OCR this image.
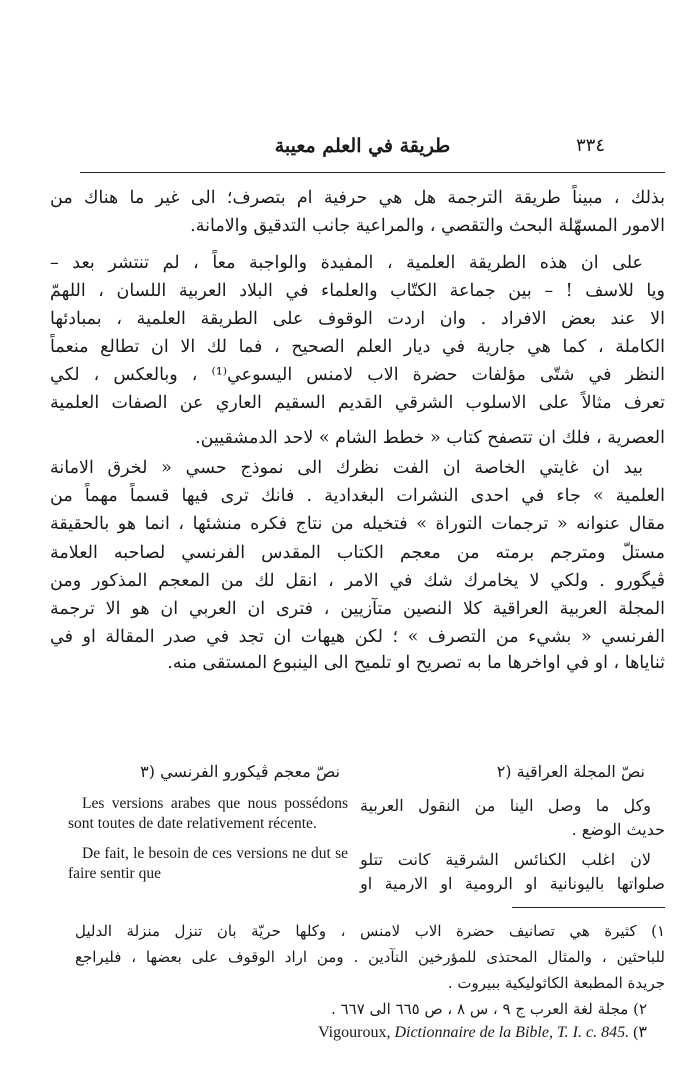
٣٣٤
طريقة في العلم معيبة
بذلك ، مبيناً طريقة الترجمة هل هي حرفية ام بتصرف؛ الى غير ما هناك من
الامور المسهّلة البحث والتقصي ، والمراعية جانب التدقيق والامانة.
على ان هذه الطريقة العلمية ، المفيدة والواجبة معاً ، لم تنتشر بعد –
ويا للاسف ! – بين جماعة الكتّاب والعلماء في البلاد العربية اللسان ، اللهمّ
الا عند بعض الافراد . وان اردت الوقوف على الطريقة العلمية ، بمبادئها
الكاملة ، كما هي جارية في ديار العلم الصحيح ، فما لك الا ان تطالع منعماً
النظر في شتّى مؤلفات حضرة الاب لامنس اليسوعي⁽¹⁾ ، وبالعكس ، لكي
تعرف مثالاً على الاسلوب الشرقي القديم السقيم العاري عن الصفات العلمية
العصرية ، فلك ان تتصفح كتاب « خطط الشام » لاحد الدمشقيين.
بيد ان غايتي الخاصة ان الفت نظرك الى نموذج حسي « لخرق الامانة
العلمية » جاء في احدى النشرات البغدادية . فانك ترى فيها قسماً مهماً من
مقال عنوانه « ترجمات التوراة » فتخيله من نتاج فكره منشئها ، انما هو بالحقيقة
مستلّ ومترجم برمته من معجم الكتاب المقدس الفرنسي لصاحبه العلامة
ڤيگورو . ولكي لا يخامرك شك في الامر ، انقل لك من المعجم المذكور ومن
المجلة العربية العراقية كلا النصين متآزيين ، فترى ان العربي ان هو الا ترجمة
الفرنسي « بشيء من التصرف » ؛ لكن هيهات ان تجد في صدر المقالة او في
ثناياها ، او في اواخرها ما به تصريح او تلميح الى الينبوع المستقى منه.
نصّ المجلة العراقية (٢
وكل ما وصل الينا من النقول العربية
حديث الوضع .
لان اغلب الكنائس الشرقية كانت تتلو
صلواتها باليونانية او الرومية او الارمية او
نصّ معجم ڤيكورو الفرنسي (٣

Les versions arabes que nous possédons sont toutes de date relativement récente.

De fait, le besoin de ces versions ne dut se faire sentir que

١) كثيرة هي تصانيف حضرة الاب لامنس ، وكلها حريّة بان تنزل منزلة الدليل
للباحثين ، والمثال المحتذى للمؤرخين النآدين . ومن اراد الوقوف على بعضها ، فليراجع
جريدة المطبعة الكاثوليكية ببيروت .
٢) مجلة لغة العرب ج ٩ ، س ٨ ، ص ٦٦٥ الى ٦٦٧ .
Vigouroux, Dictionnaire de la Bible, T. I. c. 845. (٣
